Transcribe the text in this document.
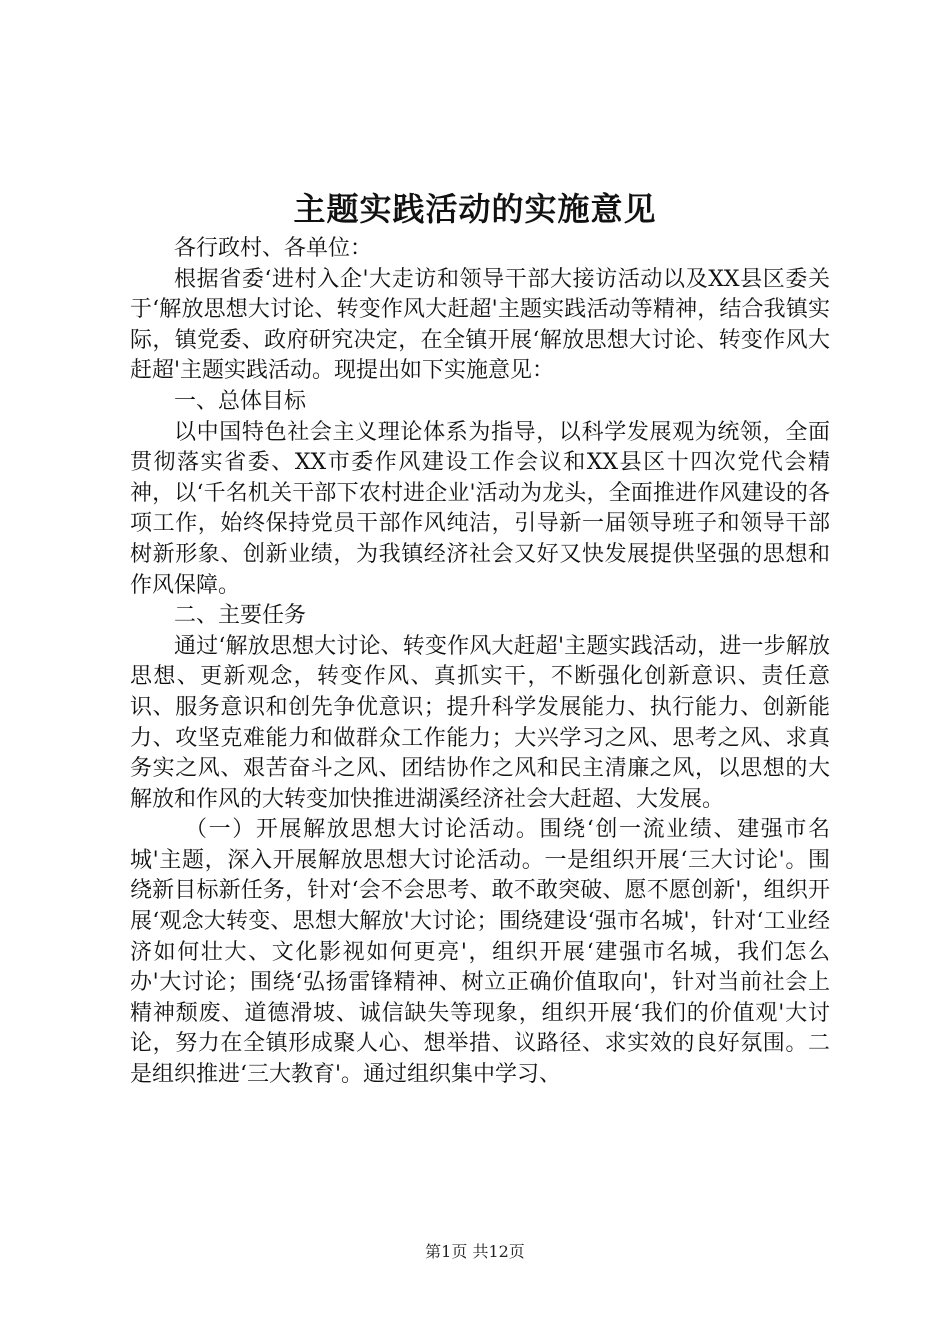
主题实践活动的实施意见

各行政村、各单位：

根据省委‘进村入企'大走访和领导干部大接访活动以及XX县区委关于‘解放思想大讨论、转变作风大赶超'主题实践活动等精神，结合我镇实际，镇党委、政府研究决定，在全镇开展‘解放思想大讨论、转变作风大赶超'主题实践活动。现提出如下实施意见：

一、总体目标

以中国特色社会主义理论体系为指导，以科学发展观为统领，全面贯彻落实省委、XX市委作风建设工作会议和XX县区十四次党代会精神，以‘千名机关干部下农村进企业'活动为龙头，全面推进作风建设的各项工作，始终保持党员干部作风纯洁，引导新一届领导班子和领导干部树新形象、创新业绩，为我镇经济社会又好又快发展提供坚强的思想和作风保障。

二、主要任务

通过‘解放思想大讨论、转变作风大赶超'主题实践活动，进一步解放思想、更新观念，转变作风、真抓实干，不断强化创新意识、责任意识、服务意识和创先争优意识；提升科学发展能力、执行能力、创新能力、攻坚克难能力和做群众工作能力；大兴学习之风、思考之风、求真务实之风、艰苦奋斗之风、团结协作之风和民主清廉之风，以思想的大解放和作风的大转变加快推进湖溪经济社会大赶超、大发展。

（一）开展解放思想大讨论活动。围绕‘创一流业绩、建强市名城'主题，深入开展解放思想大讨论活动。一是组织开展‘三大讨论'。围绕新目标新任务，针对‘会不会思考、敢不敢突破、愿不愿创新'，组织开展‘观念大转变、思想大解放'大讨论；围绕建设‘强市名城'，针对‘工业经济如何壮大、文化影视如何更亮'，组织开展‘建强市名城，我们怎么办'大讨论；围绕‘弘扬雷锋精神、树立正确价值取向'，针对当前社会上精神颓废、道德滑坡、诚信缺失等现象，组织开展‘我们的价值观'大讨论，努力在全镇形成聚人心、想举措、议路径、求实效的良好氛围。二是组织推进‘三大教育'。通过组织集中学习、

第1页 共12页
